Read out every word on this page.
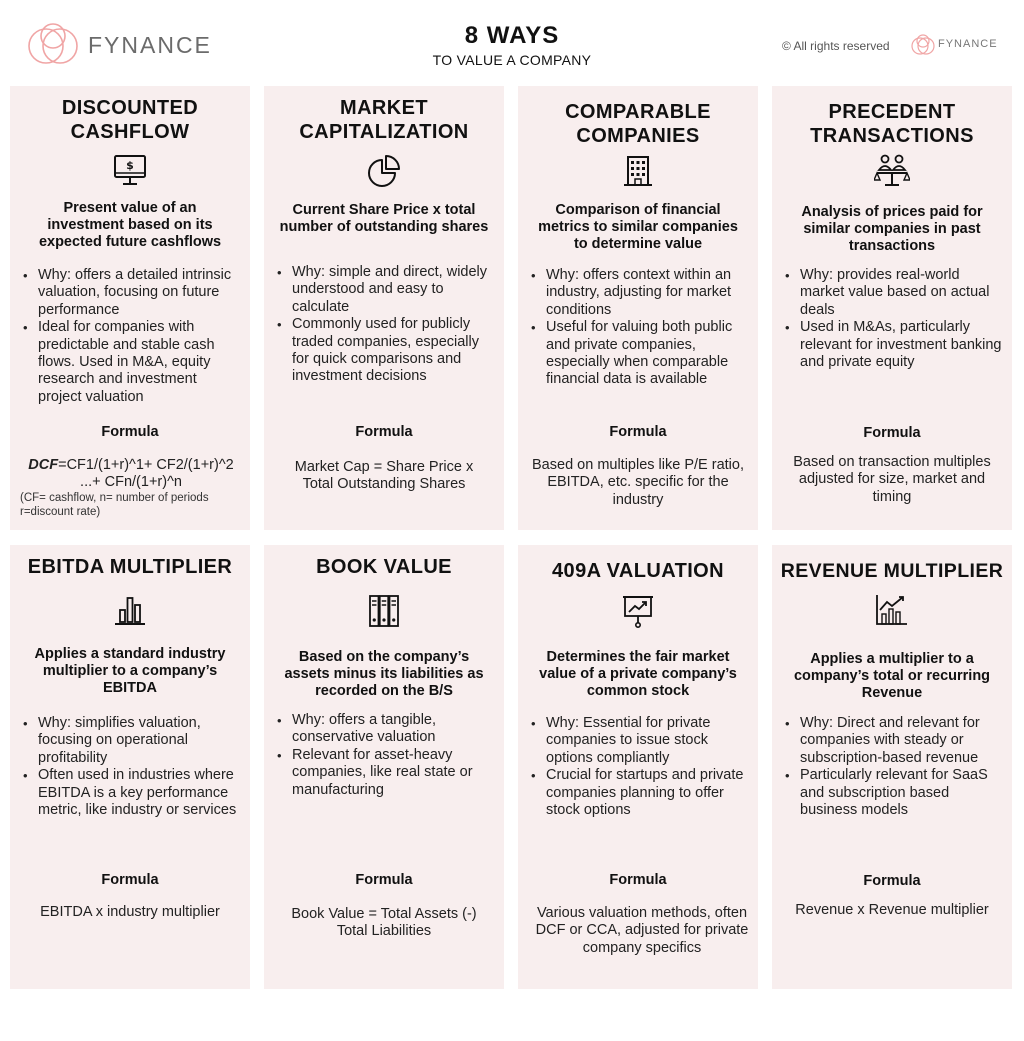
FYNANCE	8 WAYS
TO VALUE A COMPANY
© All rights reserved	FYNANCE
DISCOUNTED CASHFLOW
$
Present value of an investment based on its expected future cashflows
• Why: offers a detailed intrinsic valuation, focusing on future performance
• Ideal for companies with predictable and stable cash flows. Used in M&A, equity research and investment project valuation
Formula
DCF=CF1/(1+r)^1+ CF2/(1+r)^2 ...+ CFn/(1+r)^n
(CF= cashflow, n= number of periods r=discount rate)
MARKET CAPITALIZATION
Current Share Price x total number of outstanding shares
• Why: simple and direct, widely understood and easy to calculate
• Commonly used for publicly traded companies, especially for quick comparisons and investment decisions
Formula
Market Cap = Share Price x Total Outstanding Shares
COMPARABLE COMPANIES
Comparison of financial metrics to similar companies to determine value
• Why: offers context within an industry, adjusting for market conditions
• Useful for valuing both public and private companies, especially when comparable financial data is available
Formula
Based on multiples like P/E ratio, EBITDA, etc. specific for the industry
PRECEDENT TRANSACTIONS
Analysis of prices paid for similar companies in past transactions
• Why: provides real-world market value based on actual deals
• Used in M&As, particularly relevant for investment banking and private equity
Formula
Based on transaction multiples adjusted for size, market and timing
EBITDA MULTIPLIER
Applies a standard industry multiplier to a company’s EBITDA
• Why: simplifies valuation, focusing on operational profitability
• Often used in industries where EBITDA is a key performance metric, like industry or services
Formula
EBITDA x industry multiplier
BOOK VALUE
Based on the company’s assets minus its liabilities as recorded on the B/S
• Why: offers a tangible, conservative valuation
• Relevant for asset-heavy companies, like real state or manufacturing
Formula
Book Value = Total Assets (-) Total Liabilities
409A VALUATION
Determines the fair market value of a private company’s common stock
• Why: Essential for private companies to issue stock options compliantly
• Crucial for startups and private companies planning to offer stock options
Formula
Various valuation methods, often DCF or CCA, adjusted for private company specifics
REVENUE MULTIPLIER
Applies a multiplier to a company’s total or recurring Revenue
• Why: Direct and relevant for companies with steady or subscription-based revenue
• Particularly relevant for SaaS and subscription based business models
Formula
Revenue x Revenue multiplier
